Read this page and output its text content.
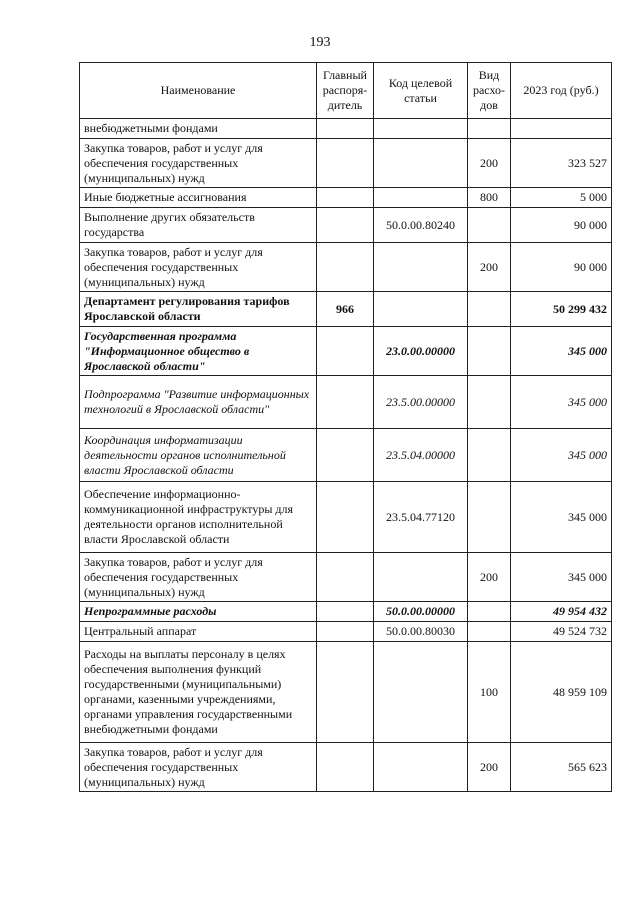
193
Наименование	Главный распоря-дитель	Код целевой статьи	Вид расхо-дов	2023 год (руб.)
внебюджетными фондами				
Закупка товаров, работ и услуг для обеспечения государственных (муниципальных) нужд			200	323 527
Иные бюджетные ассигнования			800	5 000
Выполнение других обязательств государства		50.0.00.80240		90 000
Закупка товаров, работ и услуг для обеспечения государственных (муниципальных) нужд			200	90 000
Департамент регулирования тарифов Ярославской области	966			50 299 432
Государственная программа "Информационное общество в Ярославской области"		23.0.00.00000		345 000
Подпрограмма "Развитие информационных технологий в Ярославской области"		23.5.00.00000		345 000
Координация информатизации деятельности органов исполнительной власти Ярославской области		23.5.04.00000		345 000
Обеспечение информационно-коммуникационной инфраструктуры для деятельности органов исполнительной власти Ярославской области		23.5.04.77120		345 000
Закупка товаров, работ и услуг для обеспечения государственных (муниципальных) нужд			200	345 000
Непрограммные расходы		50.0.00.00000		49 954 432
Центральный аппарат		50.0.00.80030		49 524 732
Расходы на выплаты персоналу в целях обеспечения выполнения функций государственными (муниципальными) органами, казенными учреждениями, органами управления государственными внебюджетными фондами			100	48 959 109
Закупка товаров, работ и услуг для обеспечения государственных (муниципальных) нужд			200	565 623
